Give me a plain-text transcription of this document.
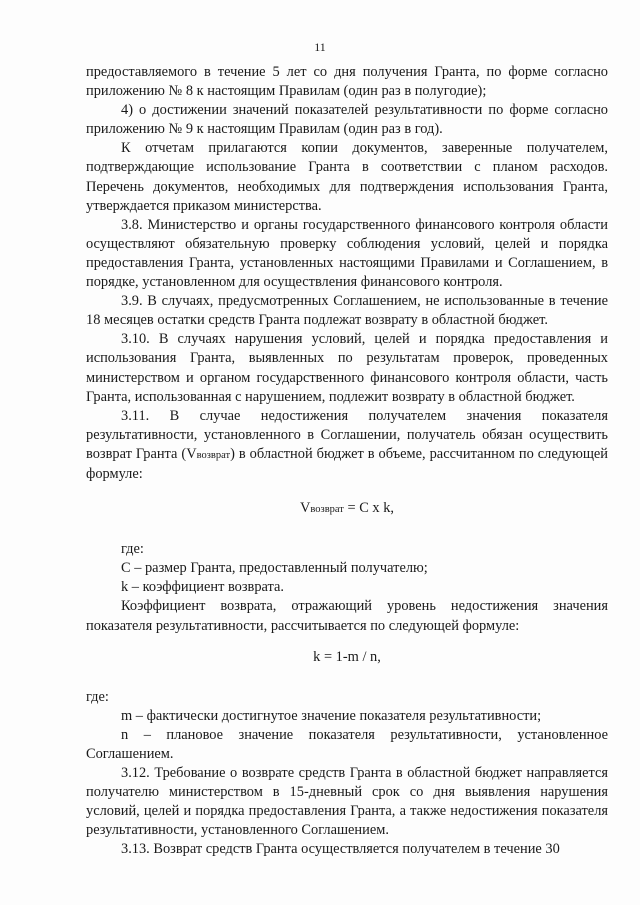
11

предоставляемого в течение 5 лет со дня получения Гранта, по форме согласно приложению № 8 к настоящим Правилам (один раз в полугодие);

4) о достижении значений показателей результативности по форме согласно приложению № 9 к настоящим Правилам (один раз в год).

К отчетам прилагаются копии документов, заверенные получателем, подтверждающие использование Гранта в соответствии с планом расходов. Перечень документов, необходимых для подтверждения использования Гранта, утверждается приказом министерства.

3.8. Министерство и органы государственного финансового контроля области осуществляют обязательную проверку соблюдения условий, целей и порядка предоставления Гранта, установленных настоящими Правилами и Соглашением, в порядке, установленном для осуществления финансового контроля.

3.9. В случаях, предусмотренных Соглашением, не использованные в течение 18 месяцев остатки средств Гранта подлежат возврату в областной бюджет.

3.10. В случаях нарушения условий, целей и порядка предоставления и использования Гранта, выявленных по результатам проверок, проведенных министерством и органом государственного финансового контроля области, часть Гранта, использованная с нарушением, подлежит возврату в областной бюджет.

3.11. В случае недостижения получателем значения показателя результативности, установленного в Соглашении, получатель обязан осуществить возврат Гранта (Vвозврат) в областной бюджет в объеме, рассчитанном по следующей формуле:

Vвозврат = C x k,

где:

С – размер Гранта, предоставленный получателю;

k – коэффициент возврата.

Коэффициент возврата, отражающий уровень недостижения значения показателя результативности, рассчитывается по следующей формуле:

k = 1-m / n,

где:

m – фактически достигнутое значение показателя результативности;

n – плановое значение показателя результативности, установленное Соглашением.

3.12. Требование о возврате средств Гранта в областной бюджет направляется получателю министерством в 15-дневный срок со дня выявления нарушения условий, целей и порядка предоставления Гранта, а также недостижения показателя результативности, установленного Соглашением.

3.13. Возврат средств Гранта осуществляется получателем в течение 30
